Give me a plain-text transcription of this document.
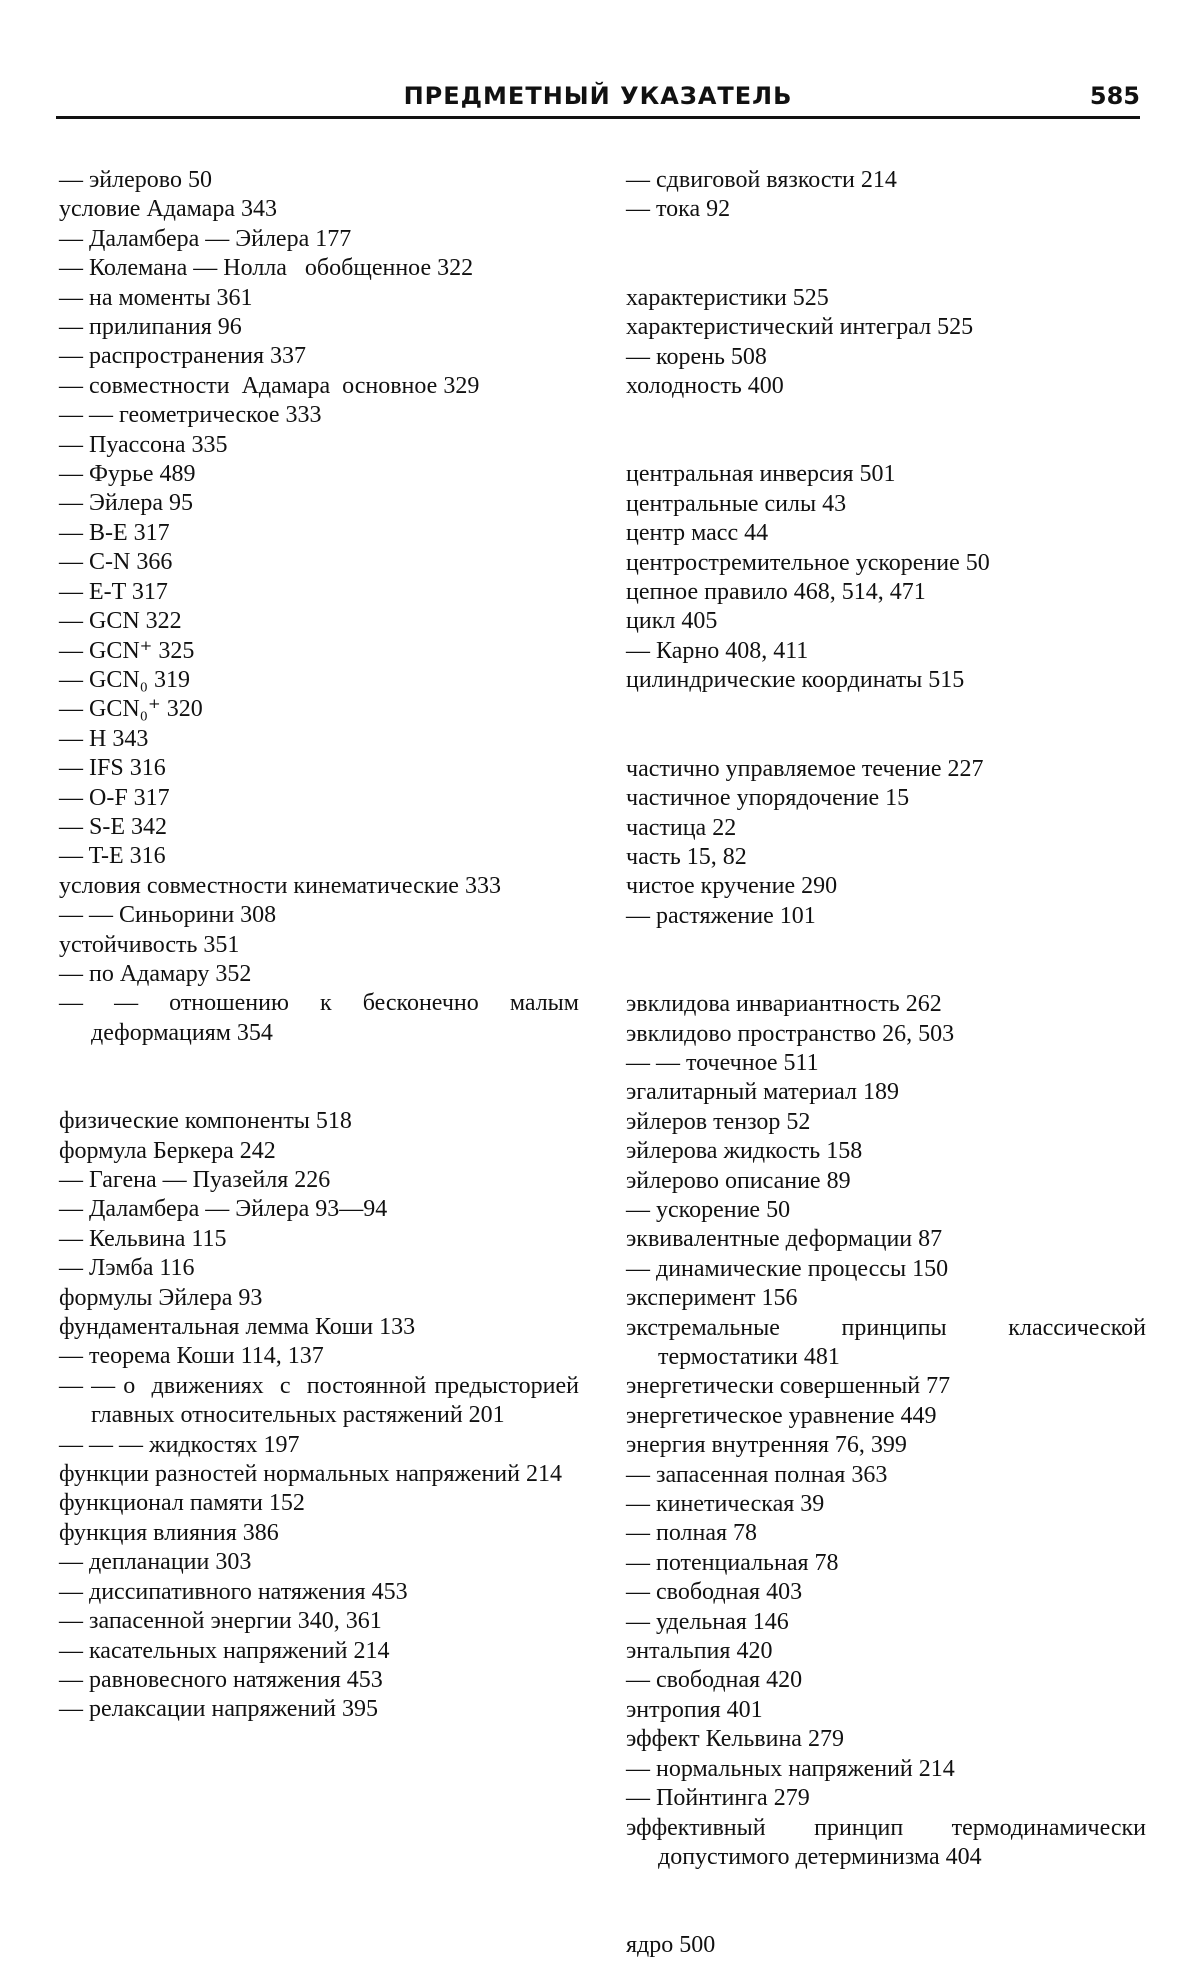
ПРЕДМЕТНЫЙ УКАЗАТЕЛЬ	585
— эйлерово 50
условие Адамара 343
— Даламбера — Эйлера 177
— Колемана — Нолла   обобщенное 322
— на моменты 361
— прилипания 96
— распространения 337
— совместности  Адамара  основное 329
— — геометрическое 333
— Пуассона 335
— Фурье 489
— Эйлера 95
— B-E 317
— C-N 366
— E-T 317
— GCN 322
— GCN⁺ 325
— GCN₀ 319
— GCN₀⁺ 320
— H 343
— IFS 316
— O-F 317
— S-E 342
— T-E 316
условия совместности кинематические 333
— — Синьорини 308
устойчивость 351
— по Адамару 352
— — отношению к бесконечно малым деформациям 354
физические компоненты 518
формула Беркера 242
— Гагена — Пуазейля 226
— Даламбера — Эйлера 93—94
— Кельвина 115
— Лэмба 116
формулы Эйлера 93
фундаментальная лемма Коши 133
— теорема Коши 114, 137
— — о  движениях  с  постоянной предысторией главных относительных растяжений 201
— — — жидкостях 197
функции разностей нормальных напряжений 214
функционал памяти 152
функция влияния 386
— депланации 303
— диссипативного натяжения 453
— запасенной энергии 340, 361
— касательных напряжений 214
— равновесного натяжения 453
— релаксации напряжений 395
— сдвиговой вязкости 214
— тока 92
характеристики 525
характеристический интеграл 525
— корень 508
холодность 400
центральная инверсия 501
центральные силы 43
центр масс 44
центростремительное ускорение 50
цепное правило 468, 514, 471
цикл 405
— Карно 408, 411
цилиндрические координаты 515
частично управляемое течение 227
частичное упорядочение 15
частица 22
часть 15, 82
чистое кручение 290
— растяжение 101
эвклидова инвариантность 262
эвклидово пространство 26, 503
— — точечное 511
эгалитарный материал 189
эйлеров тензор 52
эйлерова жидкость 158
эйлерово описание 89
— ускорение 50
эквивалентные деформации 87
— динамические процессы 150
эксперимент 156
экстремальные  принципы  классической термостатики 481
энергетически совершенный 77
энергетическое уравнение 449
энергия внутренняя 76, 399
— запасенная полная 363
— кинетическая 39
— полная 78
— потенциальная 78
— свободная 403
— удельная 146
энтальпия 420
— свободная 420
энтропия 401
эффект Кельвина 279
— нормальных напряжений 214
— Пойнтинга 279
эффективный принцип термодинамически допустимого детерминизма 404
ядро 500
